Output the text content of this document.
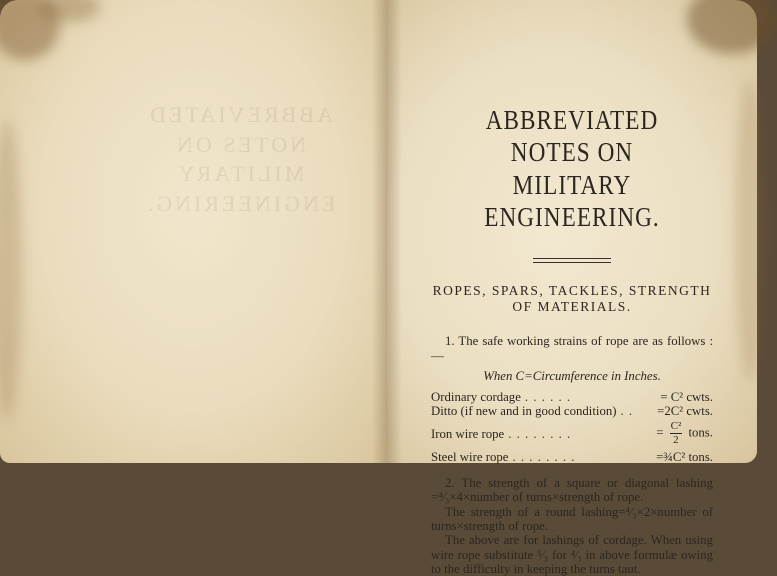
ABBREVIATED NOTES ON
MILITARY ENGINEERING.
ABBREVIATED NOTES ON
MILITARY ENGINEERING.
ROPES, SPARS, TACKLES, STRENGTH OF MATERIALS.

1. The safe working strains of rope are as follows :—

When C=Circumference in Inches.
Ordinary cordage . . . . . .	= C² cwts.
Ditto (if new and in good condition) . .	=2C² cwts.
Iron wire rope . . . . . . . .	= $\frac{\text{C²}}{2}$ tons.
Steel wire rope . . . . . . . .	=¾C² tons.

2. The strength of a square or diagonal lashing =⁴⁄₃×4×number of turns×strength of rope.

The strength of a round lashing=⁴⁄₃×2×number of turns×strength of rope.

The above are for lashings of cordage. When using wire rope substitute ⁵⁄₃ for ⁴⁄₃ in above formulæ owing to the difficulty in keeping the turns taut.
